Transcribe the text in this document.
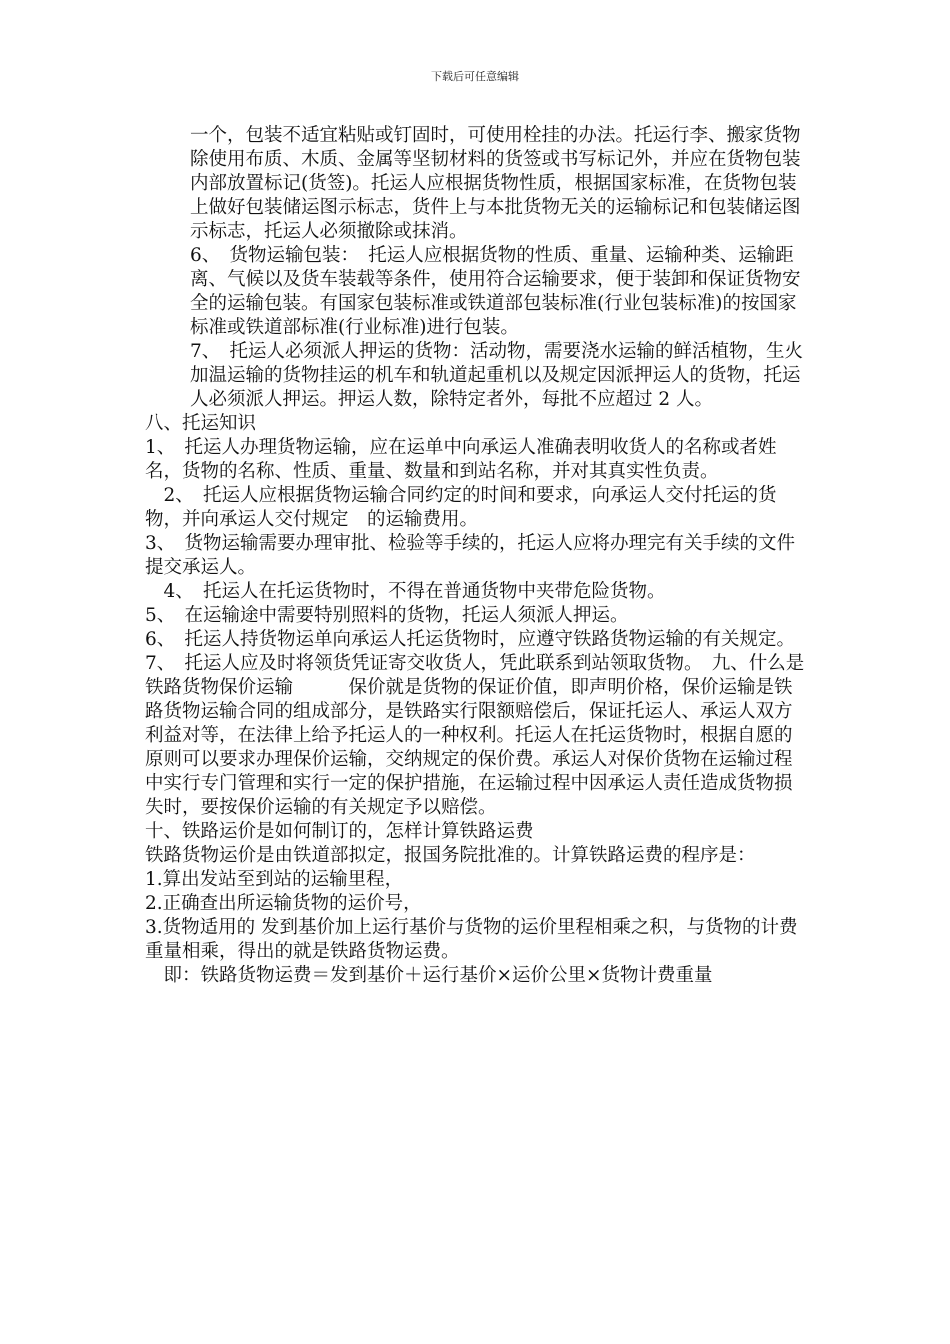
下载后可任意编辑

一个，包装不适宜粘贴或钉固时，可使用栓挂的办法。托运行李、搬家货物除使用布质、木质、金属等坚韧材料的货签或书写标记外，并应在货物包装内部放置标记(货签)。托运人应根据货物性质，根据国家标准，在货物包装上做好包装储运图示标志，货件上与本批货物无关的运输标记和包装储运图示标志，托运人必须撤除或抹消。

6、　货物运输包装：　托运人应根据货物的性质、重量、运输种类、运输距离、气候以及货车装载等条件，使用符合运输要求，便于装卸和保证货物安全的运输包装。有国家包装标准或铁道部包装标准(行业包装标准)的按国家标准或铁道部标准(行业标准)进行包装。

7、　托运人必须派人押运的货物：活动物，需要浇水运输的鲜活植物，生火加温运输的货物挂运的机车和轨道起重机以及规定因派押运人的货物，托运人必须派人押运。押运人数，除特定者外，每批不应超过 2 人。

八、托运知识

1、　托运人办理货物运输，应在运单中向承运人准确表明收货人的名称或者姓名，货物的名称、性质、重量、数量和到站名称，并对其真实性负责。

　2、　托运人应根据货物运输合同约定的时间和要求，向承运人交付托运的货物，并向承运人交付规定　的运输费用。

3、　货物运输需要办理审批、检验等手续的，托运人应将办理完有关手续的文件提交承运人。

　4、　托运人在托运货物时，不得在普通货物中夹带危险货物。

5、　在运输途中需要特别照料的货物，托运人须派人押运。

6、　托运人持货物运单向承运人托运货物时，应遵守铁路货物运输的有关规定。

7、　托运人应及时将领货凭证寄交收货人，凭此联系到站领取货物。　九、什么是铁路货物保价运输　　　保价就是货物的保证价值，即声明价格，保价运输是铁路货物运输合同的组成部分，是铁路实行限额赔偿后，保证托运人、承运人双方利益对等，在法律上给予托运人的一种权利。托运人在托运货物时，根据自愿的原则可以要求办理保价运输，交纳规定的保价费。承运人对保价货物在运输过程中实行专门管理和实行一定的保护措施，在运输过程中因承运人责任造成货物损失时，要按保价运输的有关规定予以赔偿。

十、铁路运价是如何制订的，怎样计算铁路运费

铁路货物运价是由铁道部拟定，报国务院批准的。计算铁路运费的程序是：

1.算出发站至到站的运输里程，

2.正确查出所运输货物的运价号，

3.货物适用的 发到基价加上运行基价与货物的运价里程相乘之积，与货物的计费重量相乘，得出的就是铁路货物运费。

　即：铁路货物运费＝发到基价＋运行基价×运价公里×货物计费重量
